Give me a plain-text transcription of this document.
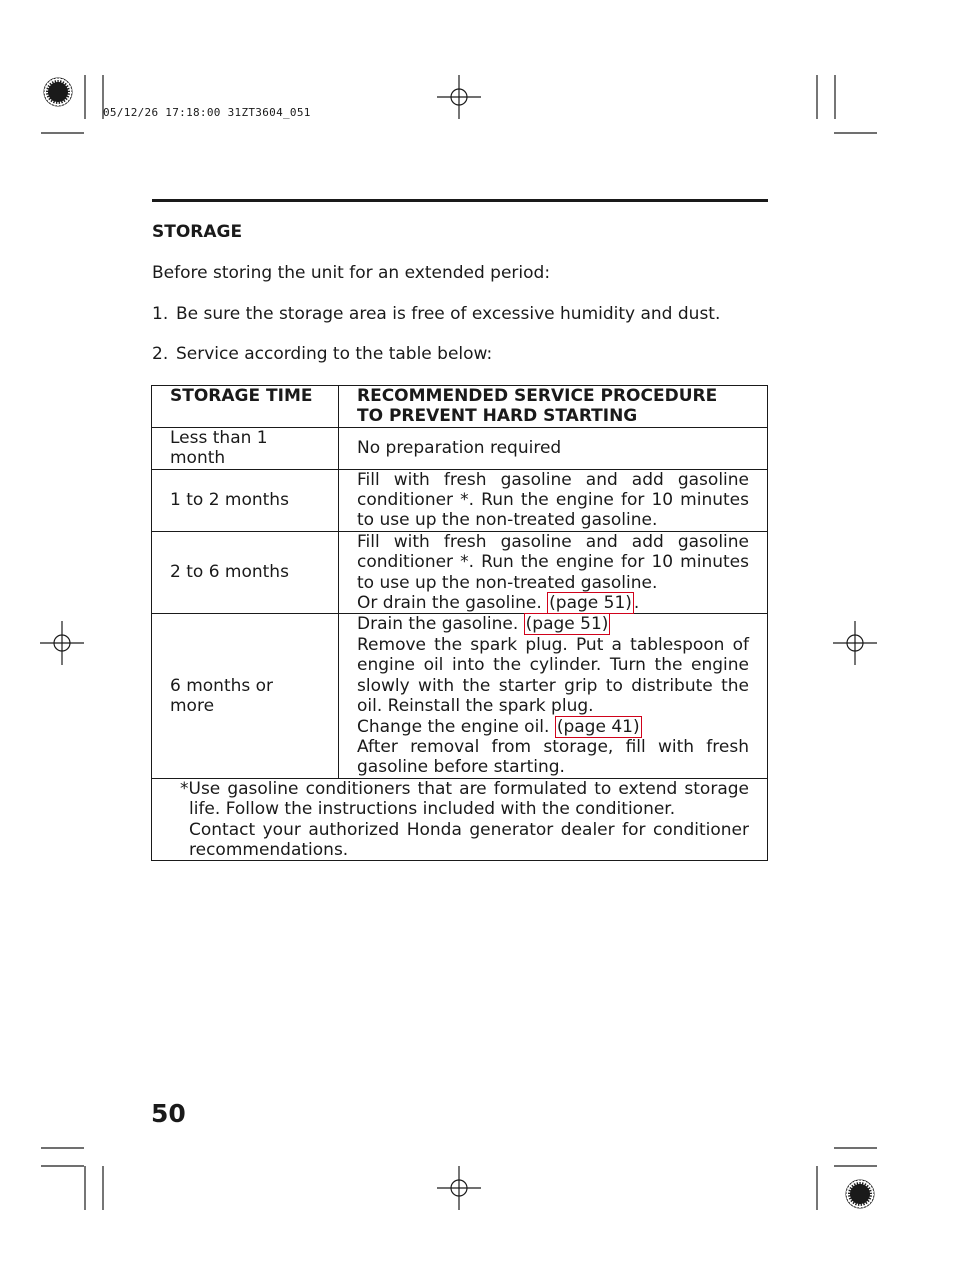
05/12/26 17:18:00 31ZT3604_051
STORAGE
Before storing the unit for an extended period:
1. Be sure the storage area is free of excessive humidity and dust.
2. Service according to the table below:
STORAGE TIME	RECOMMENDED SERVICE PROCEDURE TO PREVENT HARD STARTING
Less than 1 month	No preparation required

1 to 2 months	Fill with fresh gasoline and add gasoline conditioner *. Run the engine for 10 minutes to use up the non-treated gasoline.

2 to 6 months	Fill with fresh gasoline and add gasoline conditioner *. Run the engine for 10 minutes to use up the non-treated gasoline.
Or drain the gasoline. (page 51) .

6 months or more	Drain the gasoline. (page 51)
Remove the spark plug. Put a tablespoon of engine oil into the cylinder. Turn the engine slowly with the starter grip to distribute the oil. Reinstall the spark plug.
Change the engine oil. (page 41)
After removal from storage, fill with fresh gasoline before starting.

*Use gasoline conditioners that are formulated to extend storage life. Follow the instructions included with the conditioner.
Contact your authorized Honda generator dealer for conditioner recommendations.	
50
